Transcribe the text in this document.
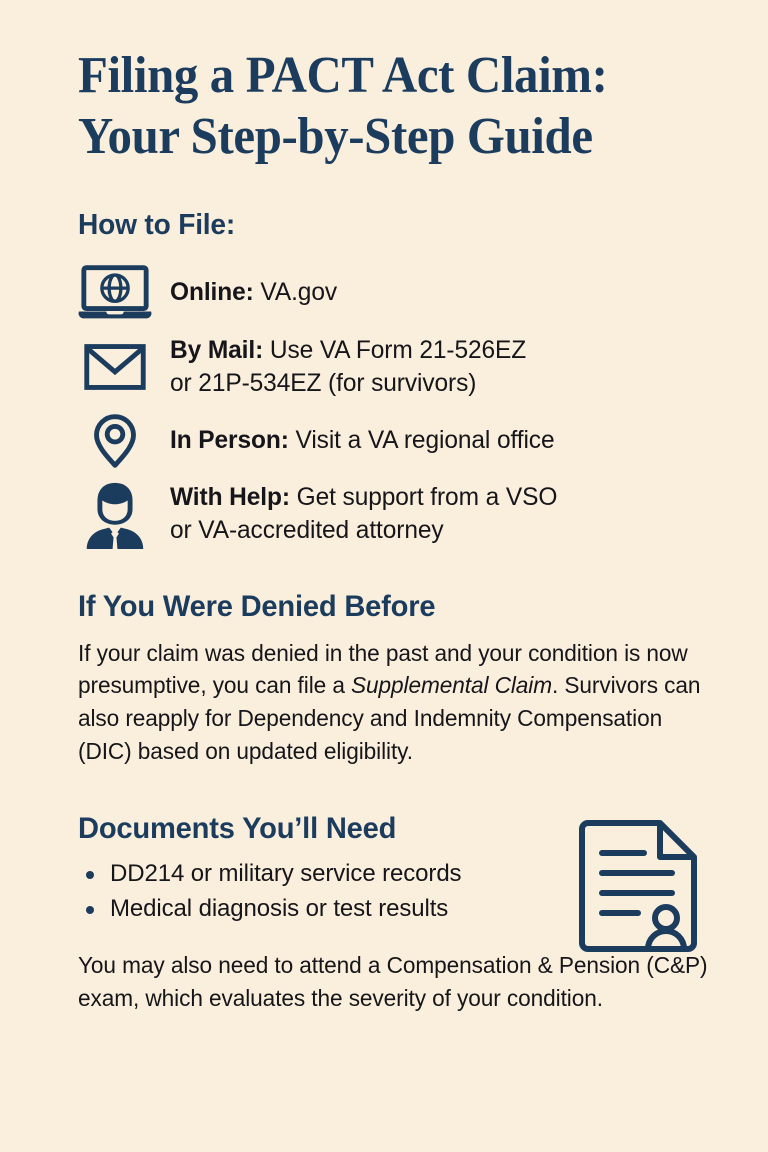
Filing a PACT Act Claim:
Your Step-by-Step Guide
How to File:
Online: VA.gov
By Mail: Use VA Form 21-526EZ
or 21P-534EZ (for survivors)
In Person: Visit a VA regional office
With Help: Get support from a VSO
or VA-accredited attorney
If You Were Denied Before

If your claim was denied in the past and your condition is now presumptive, you can file a Supplemental Claim. Survivors can also reapply for Dependency and Indemnity Compensation (DIC) based on updated eligibility.

Documents You’ll Need
DD214 or military service records
Medical diagnosis or test results

You may also need to attend a Compensation & Pension (C&P) exam, which evaluates the severity of your condition.
